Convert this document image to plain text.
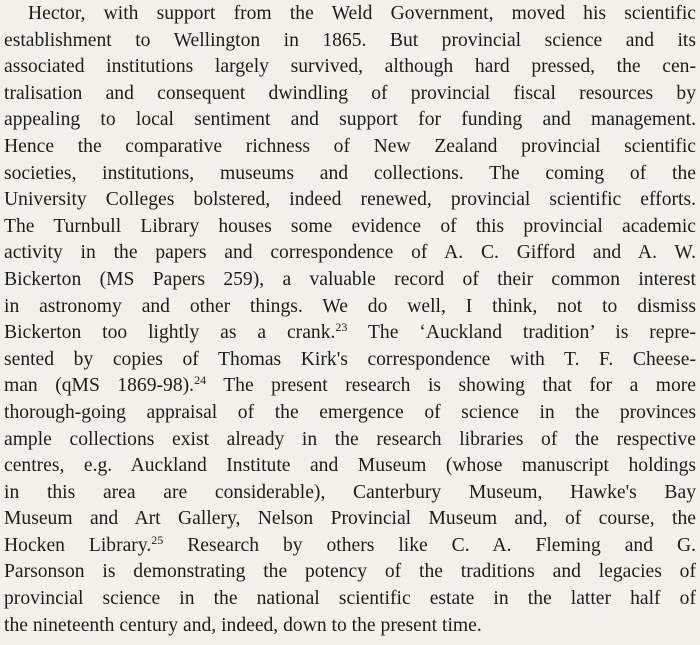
Hector, with support from the Weld Government, moved his scientific
establishment to Wellington in 1865. But provincial science and its
associated institutions largely survived, although hard pressed, the cen-
tralisation and consequent dwindling of provincial fiscal resources by
appealing to local sentiment and support for funding and management.
Hence the comparative richness of New Zealand provincial scientific
societies, institutions, museums and collections. The coming of the
University Colleges bolstered, indeed renewed, provincial scientific efforts.
The Turnbull Library houses some evidence of this provincial academic
activity in the papers and correspondence of A. C. Gifford and A. W.
Bickerton (MS Papers 259), a valuable record of their common interest
in astronomy and other things. We do well, I think, not to dismiss
Bickerton too lightly as a crank.$^{23}$ The ‘Auckland tradition’ is repre-
sented by copies of Thomas Kirk's correspondence with T. F. Cheese-
man (qMS 1869-98).$^{24}$ The present research is showing that for a more
thorough-going appraisal of the emergence of science in the provinces
ample collections exist already in the research libraries of the respective
centres, e.g. Auckland Institute and Museum (whose manuscript holdings
in this area are considerable), Canterbury Museum, Hawke's Bay
Museum and Art Gallery, Nelson Provincial Museum and, of course, the
Hocken Library.$^{25}$ Research by others like C. A. Fleming and G.
Parsonson is demonstrating the potency of the traditions and legacies of
provincial science in the national scientific estate in the latter half of
the nineteenth century and, indeed, down to the present time.
